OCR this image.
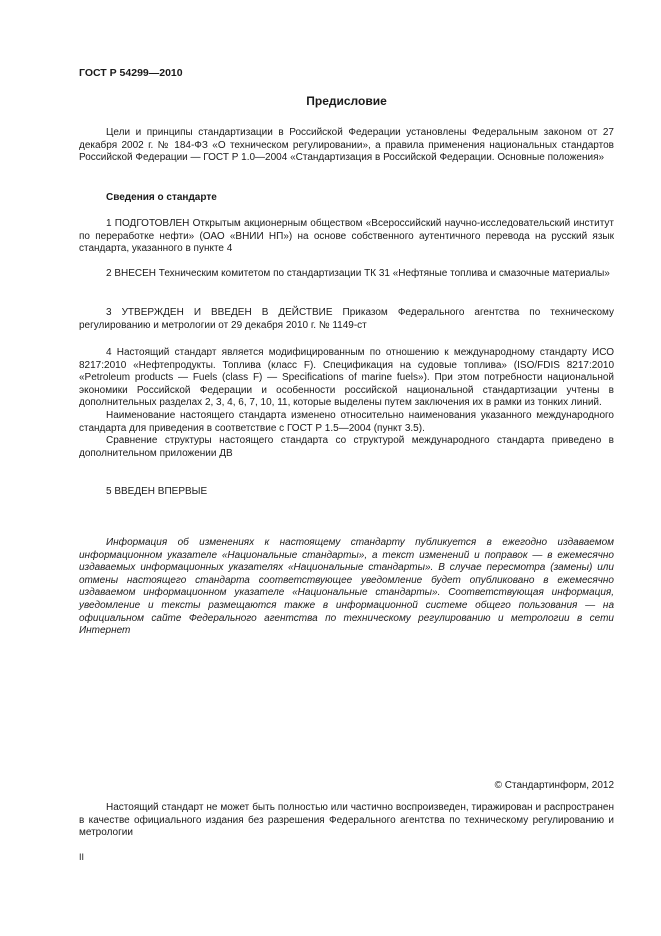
ГОСТ Р 54299—2010
Предисловие

Цели и принципы стандартизации в Российской Федерации установлены Федеральным законом от 27 декабря 2002 г. № 184-ФЗ «О техническом регулировании», а правила применения национальных стандартов Российской Федерации — ГОСТ Р 1.0—2004 «Стандартизация в Российской Федерации. Основные положения»

Сведения о стандарте

1 ПОДГОТОВЛЕН Открытым акционерным обществом «Всероссийский научно-исследовательский институт по переработке нефти» (ОАО «ВНИИ НП») на основе собственного аутентичного перевода на русский язык стандарта, указанного в пункте 4

2 ВНЕСЕН Техническим комитетом по стандартизации ТК 31 «Нефтяные топлива и смазочные материалы»

3 УТВЕРЖДЕН И ВВЕДЕН В ДЕЙСТВИЕ Приказом Федерального агентства по техническому регулированию и метрологии от 29 декабря 2010 г. № 1149-ст

4 Настоящий стандарт является модифицированным по отношению к международному стандарту ИСО 8217:2010 «Нефтепродукты. Топлива (класс F). Спецификация на судовые топлива» (ISO/FDIS 8217:2010 «Petroleum products — Fuels (class F) — Specifications of marine fuels»). При этом потребности национальной экономики Российской Федерации и особенности российской национальной стандартизации учтены в дополнительных разделах 2, 3, 4, 6, 7, 10, 11, которые выделены путем заключения их в рамки из тонких линий.

Наименование настоящего стандарта изменено относительно наименования указанного международного стандарта для приведения в соответствие с ГОСТ Р 1.5—2004 (пункт 3.5).

Сравнение структуры настоящего стандарта со структурой международного стандарта приведено в дополнительном приложении ДВ

5 ВВЕДЕН ВПЕРВЫЕ

Информация об изменениях к настоящему стандарту публикуется в ежегодно издаваемом информационном указателе «Национальные стандарты», а текст изменений и поправок — в ежемесячно издаваемых информационных указателях «Национальные стандарты». В случае пересмотра (замены) или отмены настоящего стандарта соответствующее уведомление будет опубликовано в ежемесячно издаваемом информационном указателе «Национальные стандарты». Соответствующая информация, уведомление и тексты размещаются также в информационной системе общего пользования — на официальном сайте Федерального агентства по техническому регулированию и метрологии в сети Интернет

© Стандартинформ, 2012

Настоящий стандарт не может быть полностью или частично воспроизведен, тиражирован и распространен в качестве официального издания без разрешения Федерального агентства по техническому регулированию и метрологии

II
